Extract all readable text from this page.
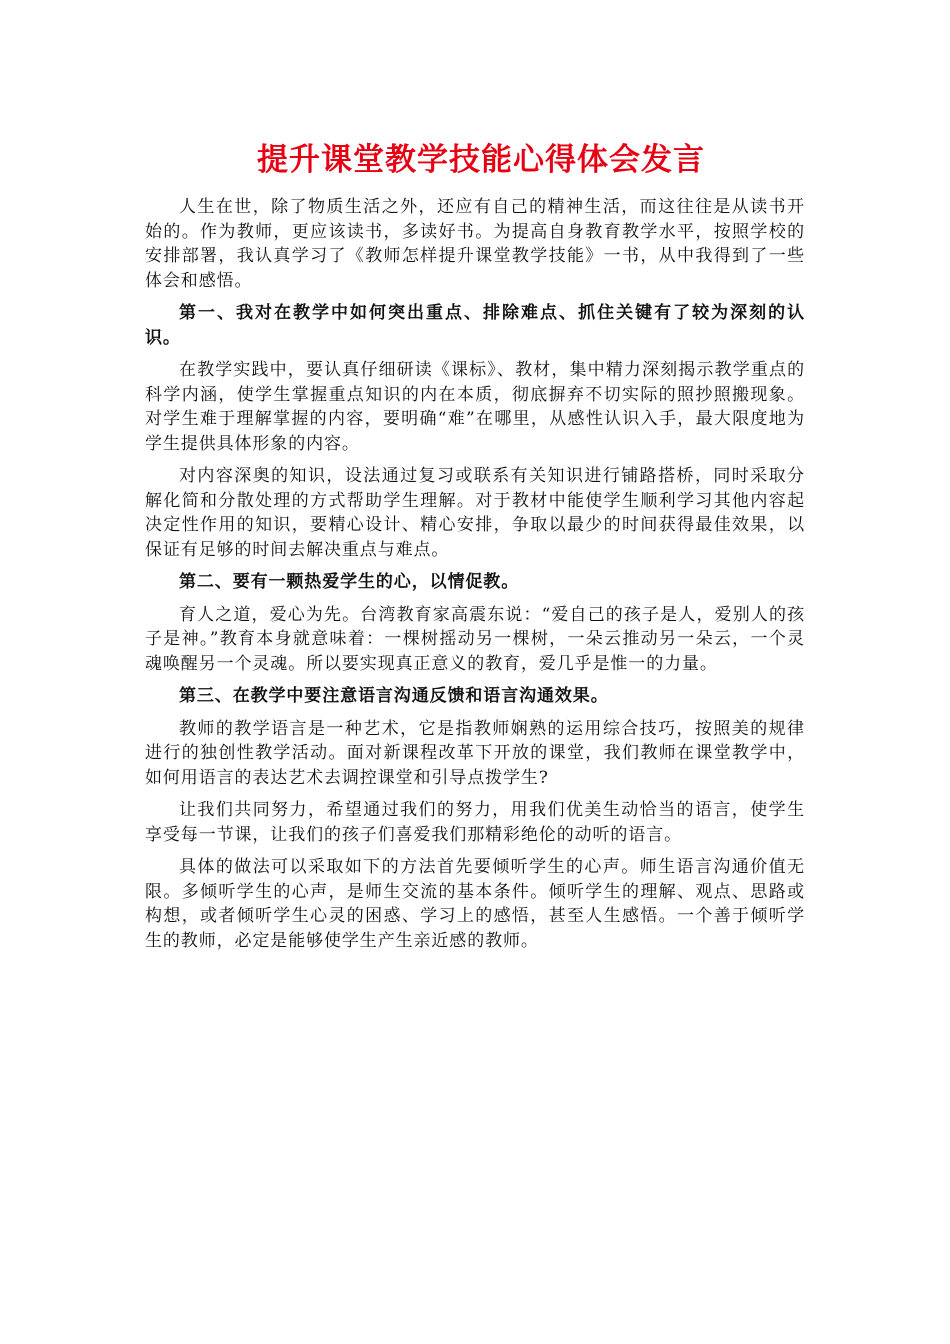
提升课堂教学技能心得体会发言

人生在世，除了物质生活之外，还应有自己的精神生活，而这往往是从读书开始的。作为教师，更应该读书，多读好书。为提高自身教育教学水平，按照学校的安排部署，我认真学习了《教师怎样提升课堂教学技能》一书，从中我得到了一些体会和感悟。

第一、我对在教学中如何突出重点、排除难点、抓住关键有了较为深刻的认识。

在教学实践中，要认真仔细研读《课标》、教材，集中精力深刻揭示教学重点的科学内涵，使学生掌握重点知识的内在本质，彻底摒弃不切实际的照抄照搬现象。对学生难于理解掌握的内容，要明确“难”在哪里，从感性认识入手，最大限度地为学生提供具体形象的内容。

对内容深奥的知识，设法通过复习或联系有关知识进行铺路搭桥，同时采取分解化简和分散处理的方式帮助学生理解。对于教材中能使学生顺利学习其他内容起决定性作用的知识，要精心设计、精心安排，争取以最少的时间获得最佳效果，以保证有足够的时间去解决重点与难点。

第二、要有一颗热爱学生的心，以情促教。

育人之道，爱心为先。台湾教育家高震东说：“爱自己的孩子是人，爱别人的孩子是神。”教育本身就意味着：一棵树摇动另一棵树，一朵云推动另一朵云，一个灵魂唤醒另一个灵魂。所以要实现真正意义的教育，爱几乎是惟一的力量。

第三、在教学中要注意语言沟通反馈和语言沟通效果。

教师的教学语言是一种艺术，它是指教师娴熟的运用综合技巧，按照美的规律进行的独创性教学活动。面对新课程改革下开放的课堂，我们教师在课堂教学中，如何用语言的表达艺术去调控课堂和引导点拨学生?

让我们共同努力，希望通过我们的努力，用我们优美生动恰当的语言，使学生享受每一节课，让我们的孩子们喜爱我们那精彩绝伦的动听的语言。

具体的做法可以采取如下的方法首先要倾听学生的心声。师生语言沟通价值无限。多倾听学生的心声，是师生交流的基本条件。倾听学生的理解、观点、思路或构想，或者倾听学生心灵的困惑、学习上的感悟，甚至人生感悟。一个善于倾听学生的教师，必定是能够使学生产生亲近感的教师。
